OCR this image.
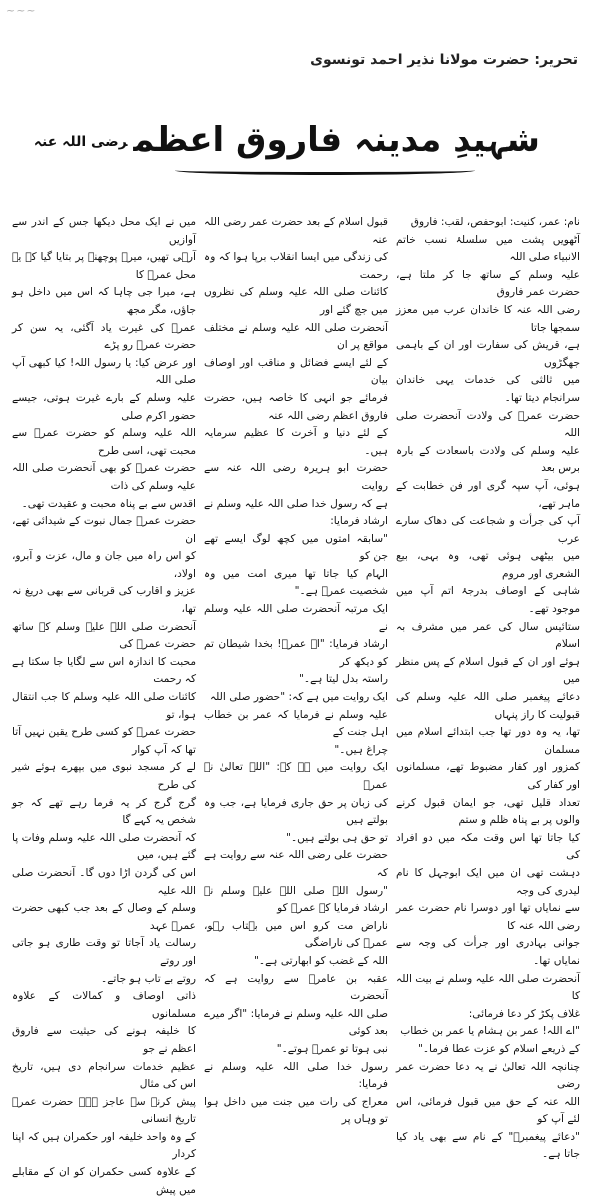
~~~
تحریر: حضرت مولانا نذیر احمد تونسوی
شہیدِ مدینہ فاروق اعظمرضی اللہ عنہ

نام: عمر، کنیت: ابوحفص، لقب: فاروق

آٹھویں پشت میں سلسلۂ نسب خاتم الانبیاء صلی اللہ

علیہ وسلم کے ساتھ جا کر ملتا ہے، حضرت عمر فاروق

رضی اللہ عنہ کا خاندان عرب میں معزز سمجھا جاتا

ہے، قریش کی سفارت اور ان کے باہمی جھگڑوں

میں ثالثی کی خدمات یہی خاندان سرانجام دیتا تھا۔

حضرت عمرؓ کی ولادت آنحضرت صلی اللہ

علیہ وسلم کی ولادت باسعادت کے بارہ برس بعد

ہوئی، آپ سپہ گری اور فن خطابت کے ماہر تھے،

آپ کی جرأت و شجاعت کی دھاک سارے عرب

میں بیٹھی ہوئی تھی، وہ بہی، بیع الشعری اور مروم

شاہی کے اوصاف بدرجۂ اتم آپ میں موجود تھے۔

ستائیس سال کی عمر میں مشرف بہ اسلام

ہوئے اور ان کے قبول اسلام کے پس منظر میں

دعائے پیغمبر صلی اللہ علیہ وسلم کی قبولیت کا راز پنہاں

تھا، یہ وہ دور تھا جب ابتدائے اسلام میں مسلمان

کمزور اور کفار مضبوط تھے، مسلمانوں اور کفار کی

تعداد قلیل تھی، جو ایمان قبول کرنے والوں پر بے پناہ ظلم و ستم

کیا جاتا تھا اس وقت مکہ میں دو افراد کی

دہشت تھی ان میں ایک ابوجہل کا نام لیدری کی وجہ

سے نمایاں تھا اور دوسرا نام حضرت عمر رضی اللہ عنہ کا

جوانی بہادری اور جرأت کی وجہ سے نمایاں تھا۔

آنحضرت صلی اللہ علیہ وسلم نے بیت اللہ کا

غلاف پکڑ کر دعا فرمائی:

"اے اللہ! عمر بن ہشام یا عمر بن خطاب

کے ذریعے اسلام کو عزت عطا فرما۔"

چنانچہ اللہ تعالیٰ نے یہ دعا حضرت عمر رضی

اللہ عنہ کے حق میں قبول فرمائی، اس لئے آپ کو

"دعائے پیغمبرؐ" کے نام سے بھی یاد کیا جاتا ہے۔

قبول اسلام کے بعد حضرت عمر رضی اللہ عنہ

کی زندگی میں ایسا انقلاب برپا ہوا کہ وہ رحمت

کائنات صلی اللہ علیہ وسلم کی نظروں میں جچ گئے اور

آنحضرت صلی اللہ علیہ وسلم نے مختلف مواقع پر ان

کے لئے ایسے فضائل و مناقب اور اوصاف بیان

فرمائے جو انہی کا خاصہ ہیں، حضرت فاروق اعظم رضی اللہ عنہ

کے لئے دنیا و آخرت کا عظیم سرمایہ ہیں۔

حضرت ابو ہریرہ رضی اللہ عنہ سے روایت

ہے کہ رسول خدا صلی اللہ علیہ وسلم نے ارشاد فرمایا:

"سابقہ امتوں میں کچھ لوگ ایسے تھے جن کو

الہام کیا جاتا تھا میری امت میں وہ شخصیت عمرؓ ہے۔"

ایک مرتبہ آنحضرت صلی اللہ علیہ وسلم نے

ارشاد فرمایا: "اے عمرؓ! بخدا شیطان تم کو دیکھ کر

راستہ بدل لیتا ہے۔"

ایک روایت میں ہے کہ: "حضور صلی اللہ

علیہ وسلم نے فرمایا کہ عمر بن خطاب اہل جنت کے

چراغ ہیں۔"

ایک روایت میں ہے کہ: "اللہ تعالیٰ نے عمرؓ

کی زبان پر حق جاری فرمایا ہے، جب وہ بولتے ہیں

تو حق ہی بولتے ہیں۔"

حضرت علی رضی اللہ عنہ سے روایت ہے کہ

"رسول اللہ صلی اللہ علیہ وسلم نے ارشاد فرمایا کہ عمرؓ کو

ناراض مت کرو اس میں بہتاب رہو، عمرؓ کی ناراضگی

اللہ کے غضب کو ابھارتی ہے۔"

عقبہ بن عامرؓ سے روایت ہے کہ آنحضرت

صلی اللہ علیہ وسلم نے فرمایا: "اگر میرے بعد کوئی

نبی ہوتا تو عمرؓ ہوتے۔"

رسول خدا صلی اللہ علیہ وسلم نے فرمایا:

معراج کی رات میں جنت میں داخل ہوا تو وہاں پر

میں نے ایک محل دیکھا جس کے اندر سے آوازیں

آرہی تھیں، میرے پوچھنے پر بتایا گیا کہ یہ محل عمرؓ کا

ہے، میرا جی چاہا کہ اس میں داخل ہو جاؤں، مگر مجھ

عمرؓ کی غیرت یاد آگئی، یہ سن کر حضرت عمرؓ رو پڑے

اور عرض کیا: یا رسول اللہ! کیا کبھی آپ صلی اللہ

علیہ وسلم کے بارے غیرت ہوتی، جیسے حضور اکرم صلی

اللہ علیہ وسلم کو حضرت عمرؓ سے محبت تھی، اسی طرح

حضرت عمرؓ کو بھی آنحضرت صلی اللہ علیہ وسلم کی ذات

اقدس سے بے پناہ محبت و عقیدت تھی۔

حضرت عمرؓ جمال نبوت کے شیدائی تھے، ان

کو اس راہ میں جان و مال، عزت و آبرو، اولاد،

عزیز و اقارب کی قربانی سے بھی دریغ نہ تھا،

آنحضرت صلی اللہ علیہ وسلم کے ساتھ حضرت عمرؓ کی

محبت کا اندازہ اس سے لگایا جا سکتا ہے کہ رحمت

کائنات صلی اللہ علیہ وسلم کا جب انتقال ہوا، تو

حضرت عمرؓ کو کسی طرح یقین نہیں آتا تھا کہ آپ کوار

لے کر مسجد نبوی میں بپھرے ہوئے شیر کی طرح

گرج گرج کر یہ فرما رہے تھے کہ جو شخص یہ کہے گا

کہ آنحضرت صلی اللہ علیہ وسلم وفات پا گئے ہیں، میں

اس کی گردن اڑا دوں گا۔ آنحضرت صلی اللہ علیہ

وسلم کے وصال کے بعد جب کبھی حضرت عمرؓ عہد

رسالت یاد آجاتا تو وقت طاری ہو جاتی اور روتے

روتے بے تاب ہو جاتے۔

ذاتی اوصاف و کمالات کے علاوہ مسلمانوں

کا خلیفہ ہونے کی حیثیت سے فاروق اعظم نے جو

عظیم خدمات سرانجام دی ہیں، تاریخ اس کی مثال

پیش کرنے سے عاجز ہے۔ حضرت عمرؓ تاریخ انسانی

کے وہ واحد خلیفہ اور حکمران ہیں کہ اپنا کردار

کے علاوہ کسی حکمران کو ان کے مقابلے میں پیش
